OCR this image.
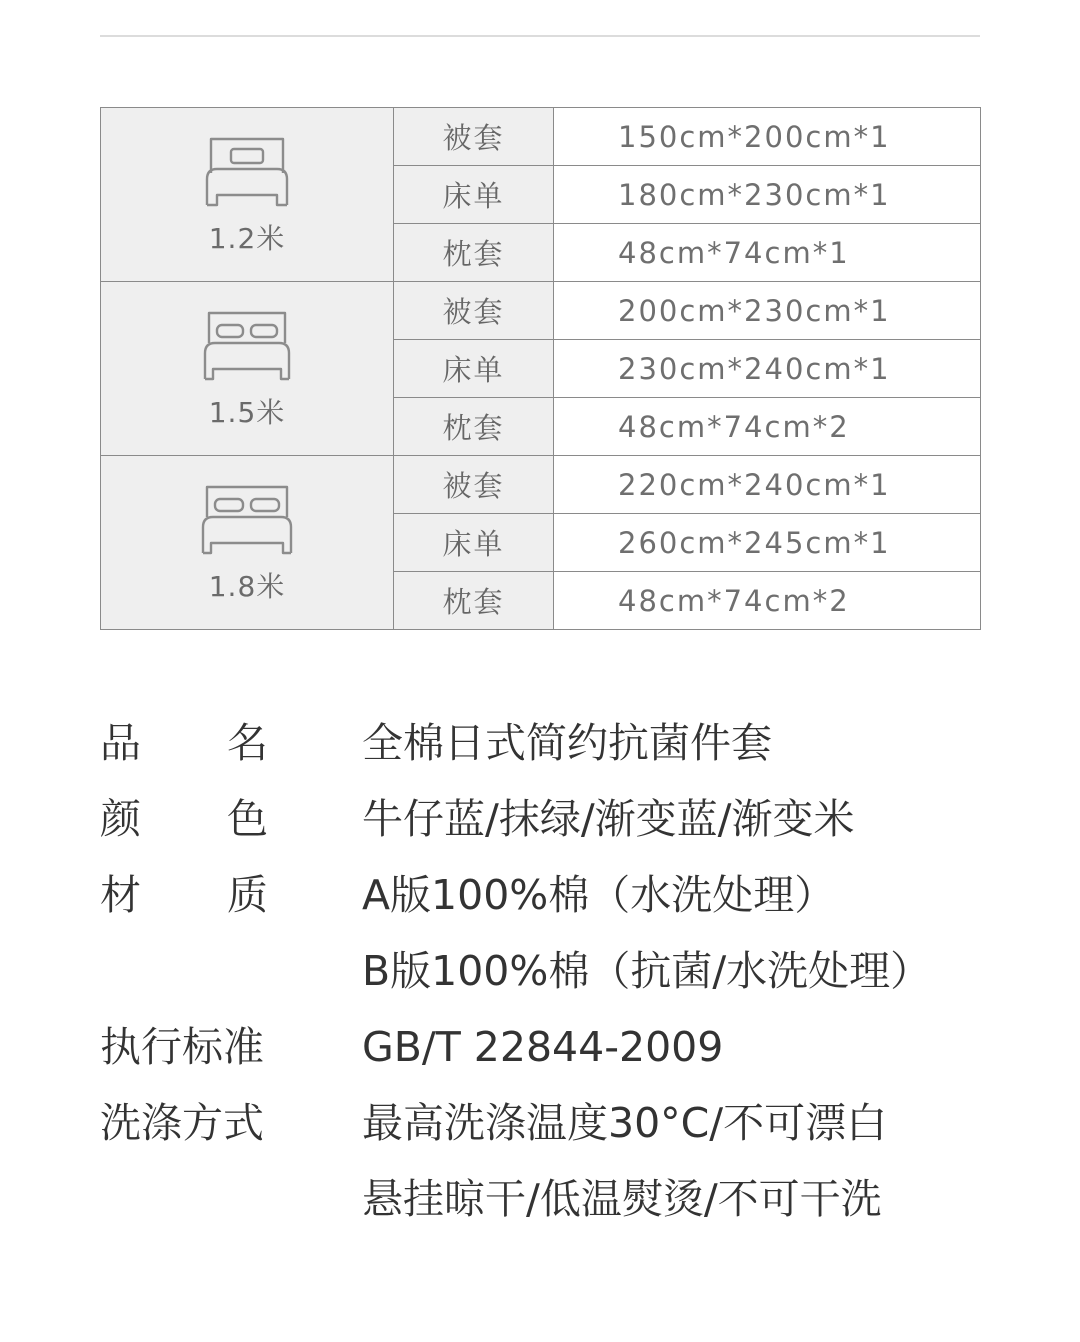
1.2米	被套	150cm*200cm*1
	床单	180cm*230cm*1
	枕套	48cm*74cm*1

1.5米	被套	200cm*230cm*1
	床单	230cm*240cm*1
	枕套	48cm*74cm*2

1.8米	被套	220cm*240cm*1
	床单	260cm*245cm*1
	枕套	48cm*74cm*2
品 名 全棉日式简约抗菌件套
颜 色 牛仔蓝/抹绿/渐变蓝/渐变米
材 质 A版100%棉（水洗处理）
B版100%棉（抗菌/水洗处理）
执行标准	GB/T 22844-2009
洗涤方式	最高洗涤温度30°C/不可漂白
悬挂晾干/低温熨烫/不可干洗
